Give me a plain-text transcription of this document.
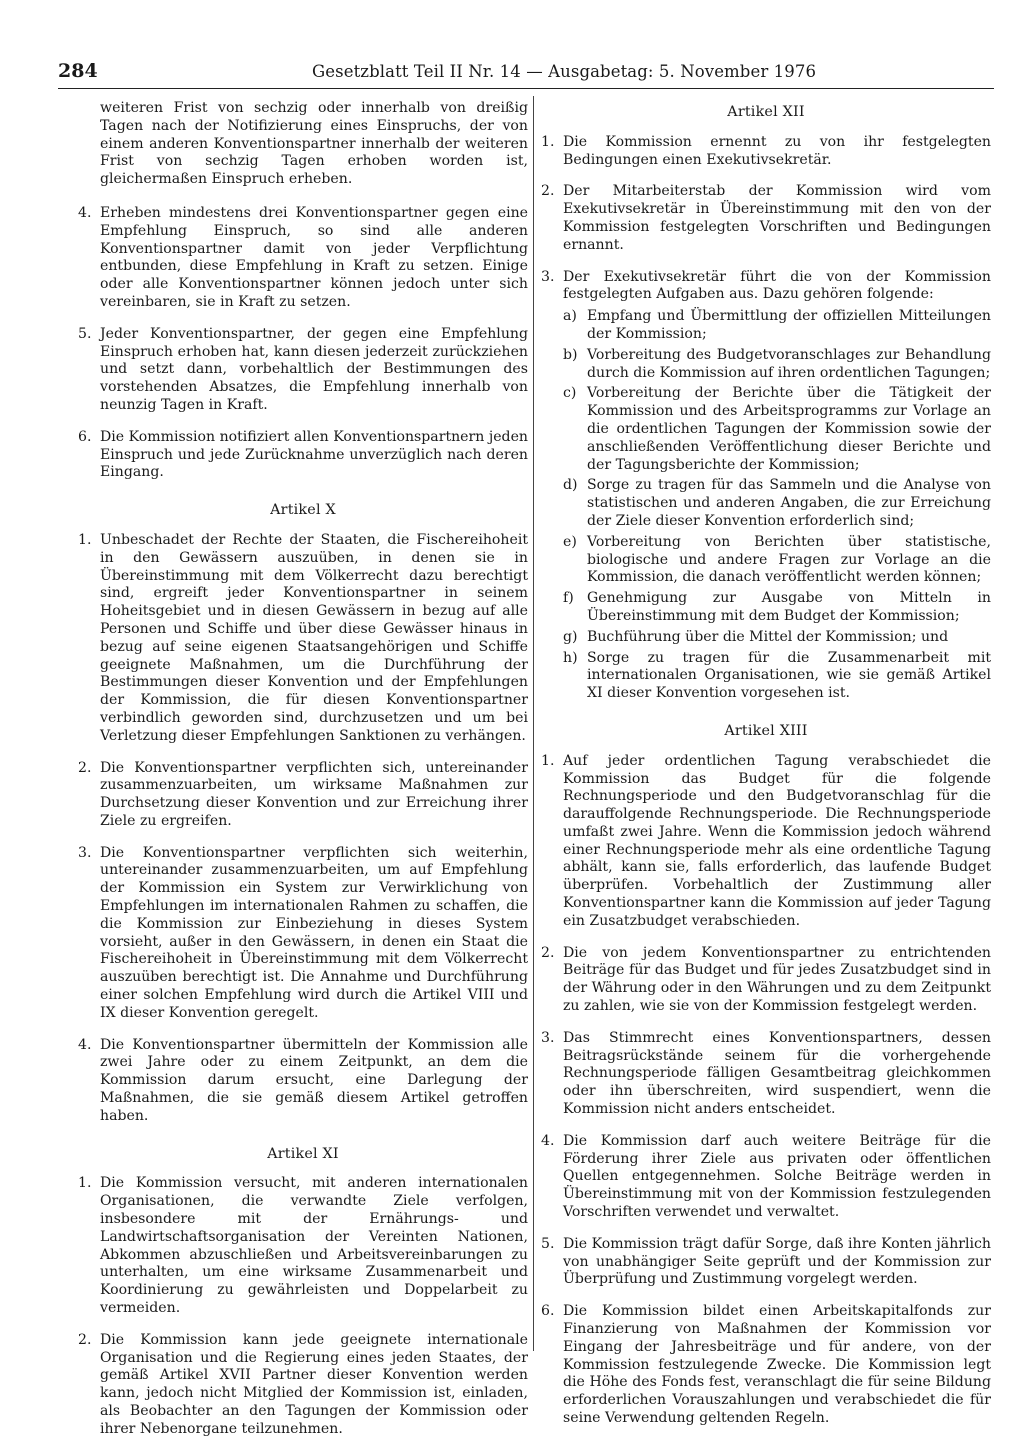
284	Gesetzblatt Teil II Nr. 14 — Ausgabetag: 5. November 1976

weiteren Frist von sechzig oder innerhalb von dreißig Tagen nach der Notifizierung eines Einspruchs, der von einem anderen Konventionspartner innerhalb der weiteren Frist von sechzig Tagen erhoben worden ist, gleichermaßen Einspruch erheben.

4. Erheben mindestens drei Konventionspartner gegen eine Empfehlung Einspruch, so sind alle anderen Konventionspartner damit von jeder Verpflichtung entbunden, diese Empfehlung in Kraft zu setzen. Einige oder alle Konventionspartner können jedoch unter sich vereinbaren, sie in Kraft zu setzen.
5. Jeder Konventionspartner, der gegen eine Empfehlung Einspruch erhoben hat, kann diesen jederzeit zurückziehen und setzt dann, vorbehaltlich der Bestimmungen des vorstehenden Absatzes, die Empfehlung innerhalb von neunzig Tagen in Kraft.
6. Die Kommission notifiziert allen Konventionspartnern jeden Einspruch und jede Zurücknahme unverzüglich nach deren Eingang.
Artikel X
1. Unbeschadet der Rechte der Staaten, die Fischereihoheit in den Gewässern auszuüben, in denen sie in Übereinstimmung mit dem Völkerrecht dazu berechtigt sind, ergreift jeder Konventionspartner in seinem Hoheitsgebiet und in diesen Gewässern in bezug auf alle Personen und Schiffe und über diese Gewässer hinaus in bezug auf seine eigenen Staatsangehörigen und Schiffe geeignete Maßnahmen, um die Durchführung der Bestimmungen dieser Konvention und der Empfehlungen der Kommission, die für diesen Konventionspartner verbindlich geworden sind, durchzusetzen und um bei Verletzung dieser Empfehlungen Sanktionen zu verhängen.
2. Die Konventionspartner verpflichten sich, untereinander zusammenzuarbeiten, um wirksame Maßnahmen zur Durchsetzung dieser Konvention und zur Erreichung ihrer Ziele zu ergreifen.
3. Die Konventionspartner verpflichten sich weiterhin, untereinander zusammenzuarbeiten, um auf Empfehlung der Kommission ein System zur Verwirklichung von Empfehlungen im internationalen Rahmen zu schaffen, die die Kommission zur Einbeziehung in dieses System vorsieht, außer in den Gewässern, in denen ein Staat die Fischereihoheit in Übereinstimmung mit dem Völkerrecht auszuüben berechtigt ist. Die Annahme und Durchführung einer solchen Empfehlung wird durch die Artikel VIII und IX dieser Konvention geregelt.
4. Die Konventionspartner übermitteln der Kommission alle zwei Jahre oder zu einem Zeitpunkt, an dem die Kommission darum ersucht, eine Darlegung der Maßnahmen, die sie gemäß diesem Artikel getroffen haben.
Artikel XI
1. Die Kommission versucht, mit anderen internationalen Organisationen, die verwandte Ziele verfolgen, insbesondere mit der Ernährungs- und Landwirtschaftsorganisation der Vereinten Nationen, Abkommen abzuschließen und Arbeitsvereinbarungen zu unterhalten, um eine wirksame Zusammenarbeit und Koordinierung zu gewährleisten und Doppelarbeit zu vermeiden.
2. Die Kommission kann jede geeignete internationale Organisation und die Regierung eines jeden Staates, der gemäß Artikel XVII Partner dieser Konvention werden kann, jedoch nicht Mitglied der Kommission ist, einladen, als Beobachter an den Tagungen der Kommission oder ihrer Nebenorgane teilzunehmen.
Artikel XII
1. Die Kommission ernennt zu von ihr festgelegten Bedingungen einen Exekutivsekretär.
2. Der Mitarbeiterstab der Kommission wird vom Exekutivsekretär in Übereinstimmung mit den von der Kommission festgelegten Vorschriften und Bedingungen ernannt.
3. Der Exekutivsekretär führt die von der Kommission festgelegten Aufgaben aus. Dazu gehören folgende:
a) Empfang und Übermittlung der offiziellen Mitteilungen der Kommission;
b) Vorbereitung des Budgetvoranschlages zur Behandlung durch die Kommission auf ihren ordentlichen Tagungen;
c) Vorbereitung der Berichte über die Tätigkeit der Kommission und des Arbeitsprogramms zur Vorlage an die ordentlichen Tagungen der Kommission sowie der anschließenden Veröffentlichung dieser Berichte und der Tagungsberichte der Kommission;
d) Sorge zu tragen für das Sammeln und die Analyse von statistischen und anderen Angaben, die zur Erreichung der Ziele dieser Konvention erforderlich sind;
e) Vorbereitung von Berichten über statistische, biologische und andere Fragen zur Vorlage an die Kommission, die danach veröffentlicht werden können;
f) Genehmigung zur Ausgabe von Mitteln in Übereinstimmung mit dem Budget der Kommission;
g) Buchführung über die Mittel der Kommission; und
h) Sorge zu tragen für die Zusammenarbeit mit internationalen Organisationen, wie sie gemäß Artikel XI dieser Konvention vorgesehen ist.
Artikel XIII
1. Auf jeder ordentlichen Tagung verabschiedet die Kommission das Budget für die folgende Rechnungsperiode und den Budgetvoranschlag für die darauffolgende Rechnungsperiode. Die Rechnungsperiode umfaßt zwei Jahre. Wenn die Kommission jedoch während einer Rechnungsperiode mehr als eine ordentliche Tagung abhält, kann sie, falls erforderlich, das laufende Budget überprüfen. Vorbehaltlich der Zustimmung aller Konventionspartner kann die Kommission auf jeder Tagung ein Zusatzbudget verabschieden.
2. Die von jedem Konventionspartner zu entrichtenden Beiträge für das Budget und für jedes Zusatzbudget sind in der Währung oder in den Währungen und zu dem Zeitpunkt zu zahlen, wie sie von der Kommission festgelegt werden.
3. Das Stimmrecht eines Konventionspartners, dessen Beitragsrückstände seinem für die vorhergehende Rechnungsperiode fälligen Gesamtbeitrag gleichkommen oder ihn überschreiten, wird suspendiert, wenn die Kommission nicht anders entscheidet.
4. Die Kommission darf auch weitere Beiträge für die Förderung ihrer Ziele aus privaten oder öffentlichen Quellen entgegennehmen. Solche Beiträge werden in Übereinstimmung mit von der Kommission festzulegenden Vorschriften verwendet und verwaltet.
5. Die Kommission trägt dafür Sorge, daß ihre Konten jährlich von unabhängiger Seite geprüft und der Kommission zur Überprüfung und Zustimmung vorgelegt werden.
6. Die Kommission bildet einen Arbeitskapitalfonds zur Finanzierung von Maßnahmen der Kommission vor Eingang der Jahresbeiträge und für andere, von der Kommission festzulegende Zwecke. Die Kommission legt die Höhe des Fonds fest, veranschlagt die für seine Bildung erforderlichen Vorauszahlungen und verabschiedet die für seine Verwendung geltenden Regeln.
